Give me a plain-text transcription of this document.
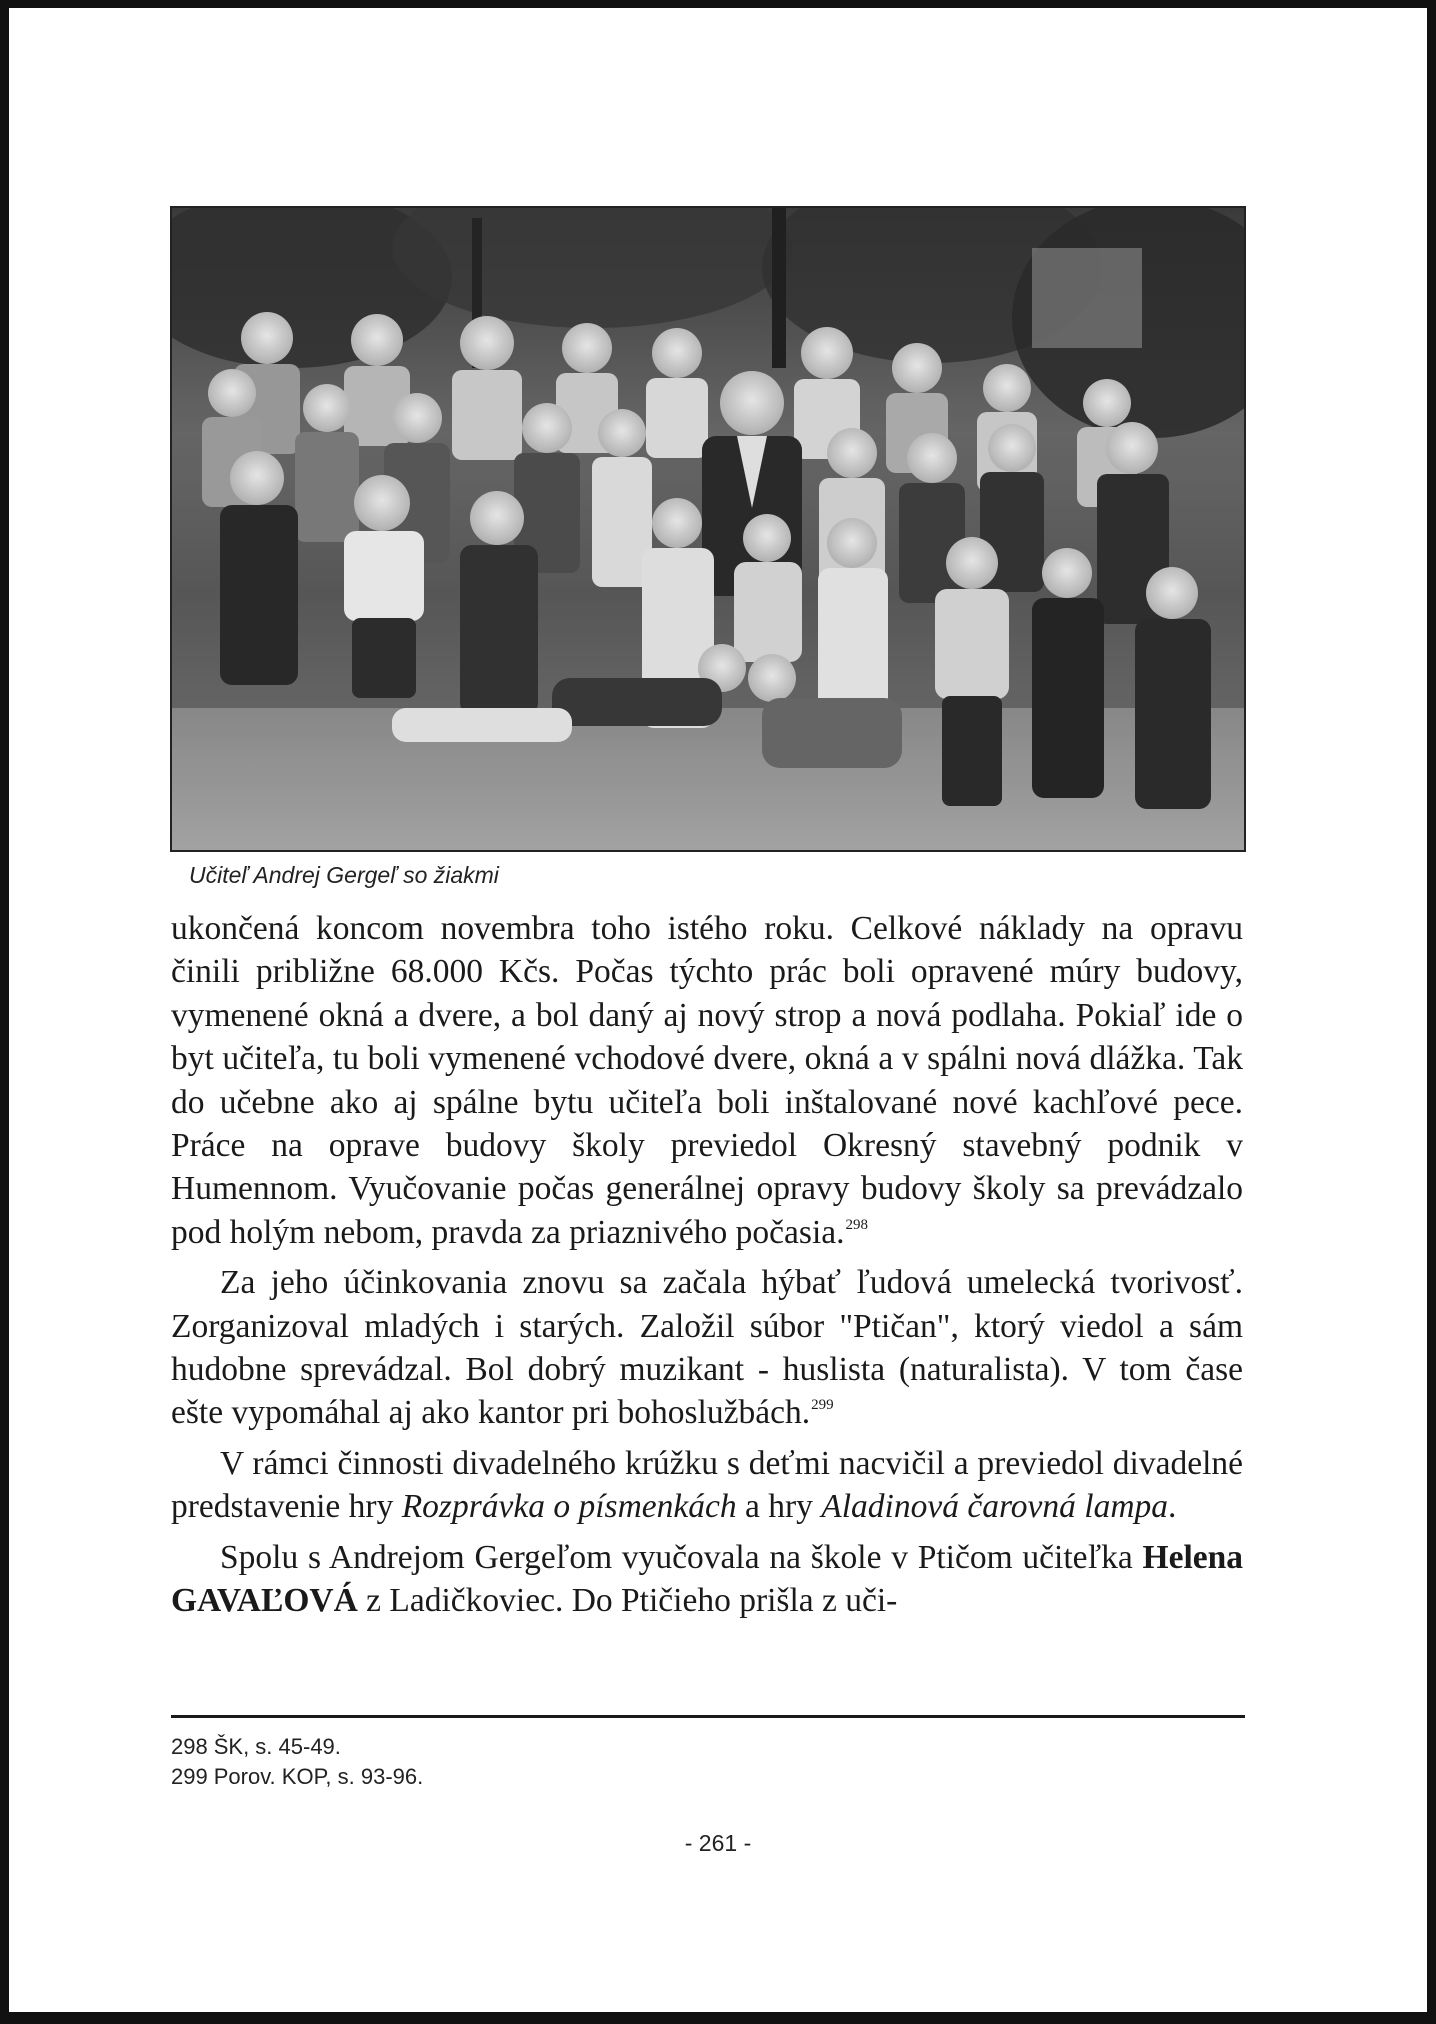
Učiteľ Andrej Gergeľ so žiakmi

ukončená koncom novembra toho istého roku. Celkové náklady na opravu činili približne 68.000 Kčs. Počas týchto prác boli opravené múry budovy, vymenené okná a dvere, a bol daný aj nový strop a nová podlaha. Pokiaľ ide o byt učiteľa, tu boli vymenené vchodové dvere, okná a v spálni nová dlážka. Tak do učebne ako aj spálne bytu učiteľa boli inštalované nové kachľové pece. Práce na oprave budovy školy previedol Okresný stavebný podnik v Humennom. Vyučovanie počas generálnej opravy budovy školy sa prevádzalo pod holým nebom, pravda za priaznivého počasia.$^{298}$

Za jeho účinkovania znovu sa začala hýbať ľudová umelecká tvorivosť. Zorganizoval mladých i starých. Založil súbor "Ptičan", ktorý viedol a sám hudobne sprevádzal. Bol dobrý muzikant - huslista (naturalista). V tom čase ešte vypomáhal aj ako kantor pri bohoslužbách.$^{299}$

V rámci činnosti divadelného krúžku s deťmi nacvičil a previedol divadelné predstavenie hry Rozprávka o písmenkách a hry Aladinová čarovná lampa.

Spolu s Andrejom Gergeľom vyučovala na škole v Ptičom učiteľka Helena GAVAĽOVÁ z Ladičkoviec. Do Ptičieho prišla z uči-

298 ŠK, s. 45-49.
299 Porov. KOP, s. 93-96.
- 261 -
